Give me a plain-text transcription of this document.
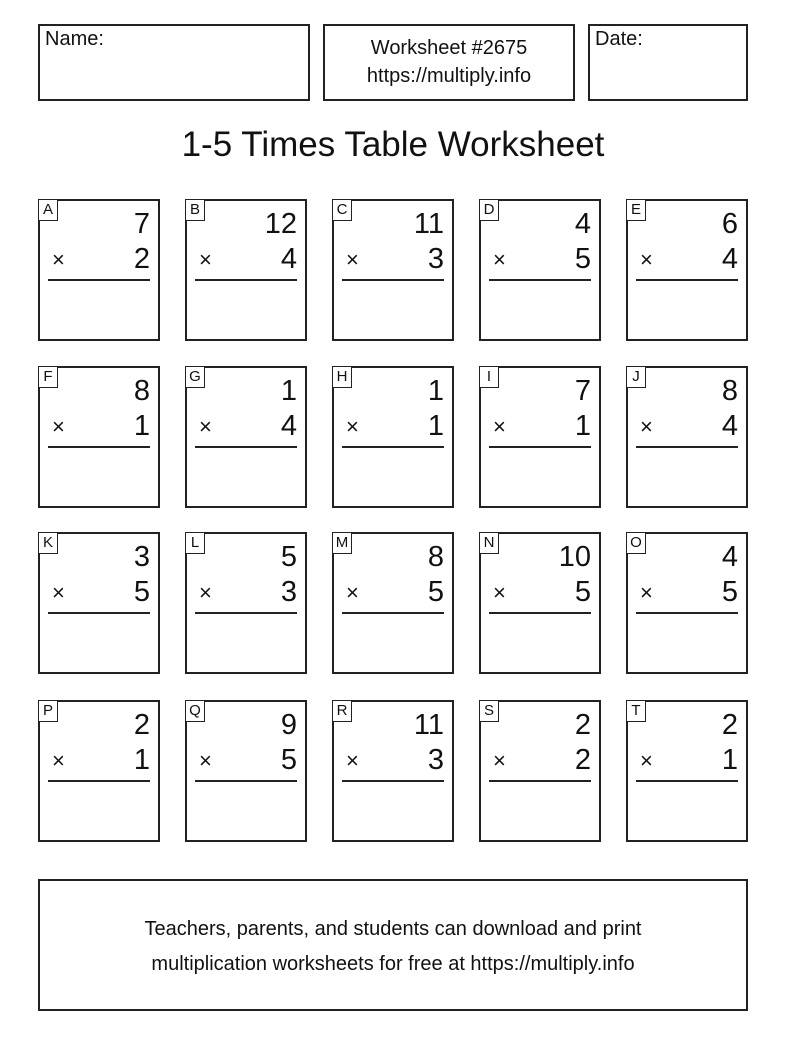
Name:	Worksheet #2675
https://multiply.info
Date:
1-5 Times Table Worksheet
A	7
× 2
B 12
× 4
C 11
× 3
D	4
× 5
E	6
× 4
F	8
× 1
G	1
× 4
H	1
× 1
I	7
× 1
J	8
× 4
K	3
× 5
L	5
× 3
M	8
× 5
N 10
× 5
O	4
× 5
P	2
× 1
Q	9
× 5
R 11
× 3
S	2
× 2
T	2
× 1
Teachers, parents, and students can download and print
multiplication worksheets for free at https://multiply.info
